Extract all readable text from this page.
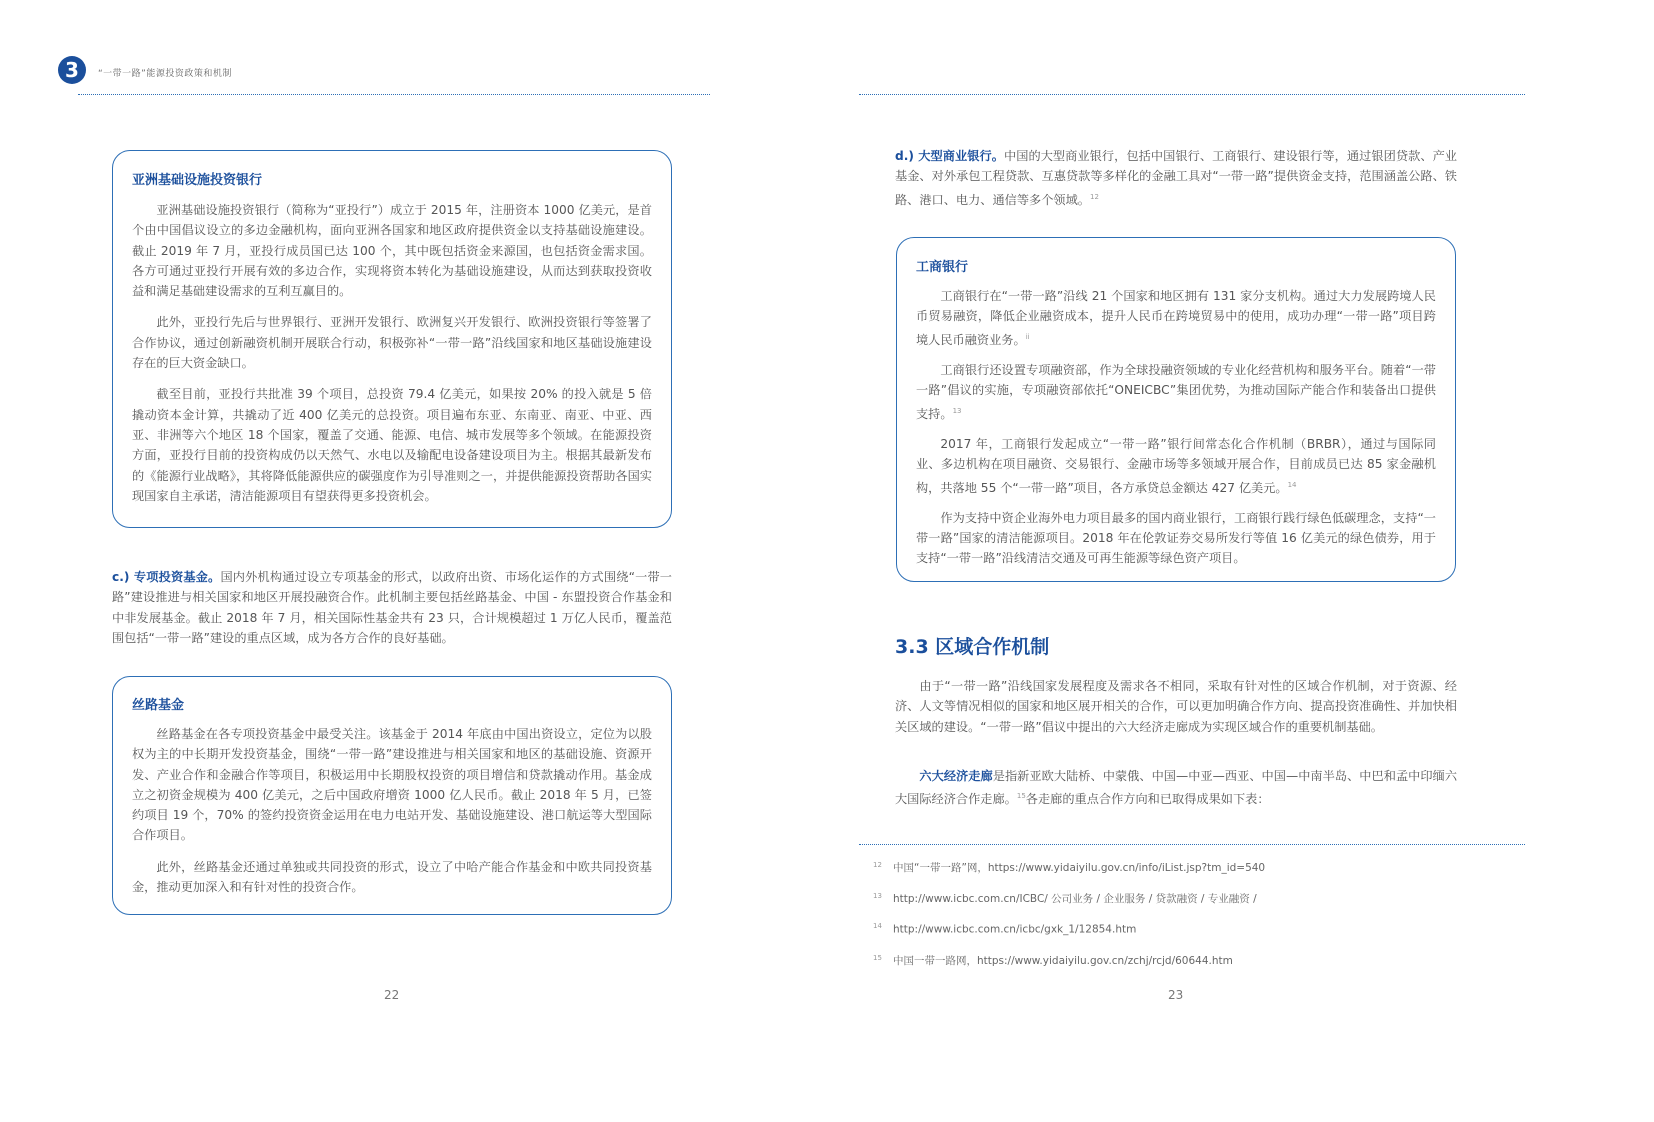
3	“一带一路”能源投资政策和机制
亚洲基础设施投资银行

亚洲基础设施投资银行（简称为“亚投行”）成立于 2015 年，注册资本 1000 亿美元，是首个由中国倡议设立的多边金融机构，面向亚洲各国家和地区政府提供资金以支持基础设施建设。截止 2019 年 7 月，亚投行成员国已达 100 个，其中既包括资金来源国，也包括资金需求国。各方可通过亚投行开展有效的多边合作，实现将资本转化为基础设施建设，从而达到获取投资收益和满足基础建设需求的互利互赢目的。

此外，亚投行先后与世界银行、亚洲开发银行、欧洲复兴开发银行、欧洲投资银行等签署了合作协议，通过创新融资机制开展联合行动，积极弥补“一带一路”沿线国家和地区基础设施建设存在的巨大资金缺口。

截至目前，亚投行共批准 39 个项目，总投资 79.4 亿美元，如果按 20% 的投入就是 5 倍撬动资本金计算，共撬动了近 400 亿美元的总投资。项目遍布东亚、东南亚、南亚、中亚、西亚、非洲等六个地区 18 个国家，覆盖了交通、能源、电信、城市发展等多个领域。在能源投资方面，亚投行目前的投资构成仍以天然气、水电以及输配电设备建设项目为主。根据其最新发布的《能源行业战略》，其将降低能源供应的碳强度作为引导准则之一，并提供能源投资帮助各国实现国家自主承诺，清洁能源项目有望获得更多投资机会。

c.) 专项投资基金。国内外机构通过设立专项基金的形式，以政府出资、市场化运作的方式围绕“一带一路”建设推进与相关国家和地区开展投融资合作。此机制主要包括丝路基金、中国 - 东盟投资合作基金和中非发展基金。截止 2018 年 7 月，相关国际性基金共有 23 只，合计规模超过 1 万亿人民币，覆盖范围包括“一带一路”建设的重点区域，成为各方合作的良好基础。

丝路基金

丝路基金在各专项投资基金中最受关注。该基金于 2014 年底由中国出资设立，定位为以股权为主的中长期开发投资基金，围绕“一带一路”建设推进与相关国家和地区的基础设施、资源开发、产业合作和金融合作等项目，积极运用中长期股权投资的项目增信和贷款撬动作用。基金成立之初资金规模为 400 亿美元，之后中国政府增资 1000 亿人民币。截止 2018 年 5 月，已签约项目 19 个，70% 的签约投资资金运用在电力电站开发、基础设施建设、港口航运等大型国际合作项目。

此外，丝路基金还通过单独或共同投资的形式，设立了中哈产能合作基金和中欧共同投资基金，推动更加深入和有针对性的投资合作。

22

d.) 大型商业银行。中国的大型商业银行，包括中国银行、工商银行、建设银行等，通过银团贷款、产业基金、对外承包工程贷款、互惠贷款等多样化的金融工具对“一带一路”提供资金支持，范围涵盖公路、铁路、港口、电力、通信等多个领域。$^{12}$

工商银行

工商银行在“一带一路”沿线 21 个国家和地区拥有 131 家分支机构。通过大力发展跨境人民币贸易融资，降低企业融资成本，提升人民币在跨境贸易中的使用，成功办理“一带一路”项目跨境人民币融资业务。$^{ii}$

工商银行还设置专项融资部，作为全球投融资领域的专业化经营机构和服务平台。随着“一带一路”倡议的实施，专项融资部依托“ONEICBC”集团优势，为推动国际产能合作和装备出口提供支持。$^{13}$

2017 年，工商银行发起成立“一带一路”银行间常态化合作机制（BRBR），通过与国际同业、多边机构在项目融资、交易银行、金融市场等多领域开展合作，目前成员已达 85 家金融机构，共落地 55 个“一带一路”项目，各方承贷总金额达 427 亿美元。$^{14}$

作为支持中资企业海外电力项目最多的国内商业银行，工商银行践行绿色低碳理念，支持“一带一路”国家的清洁能源项目。2018 年在伦敦证券交易所发行等值 16 亿美元的绿色债券，用于支持“一带一路”沿线清洁交通及可再生能源等绿色资产项目。

3.3 区域合作机制

由于“一带一路”沿线国家发展程度及需求各不相同，采取有针对性的区域合作机制，对于资源、经济、人文等情况相似的国家和地区展开相关的合作，可以更加明确合作方向、提高投资准确性、并加快相关区域的建设。“一带一路”倡议中提出的六大经济走廊成为实现区域合作的重要机制基础。

六大经济走廊是指新亚欧大陆桥、中蒙俄、中国—中亚—西亚、中国—中南半岛、中巴和孟中印缅六大国际经济合作走廊。$^{15}$各走廊的重点合作方向和已取得成果如下表：

12 中国“一带一路”网，https://www.yidaiyilu.gov.cn/info/iList.jsp?tm_id=540
13 http://www.icbc.com.cn/ICBC/ 公司业务 / 企业服务 / 贷款融资 / 专业融资 /
14 http://www.icbc.com.cn/icbc/gxk_1/12854.htm
15 中国一带一路网，https://www.yidaiyilu.gov.cn/zchj/rcjd/60644.htm
23
